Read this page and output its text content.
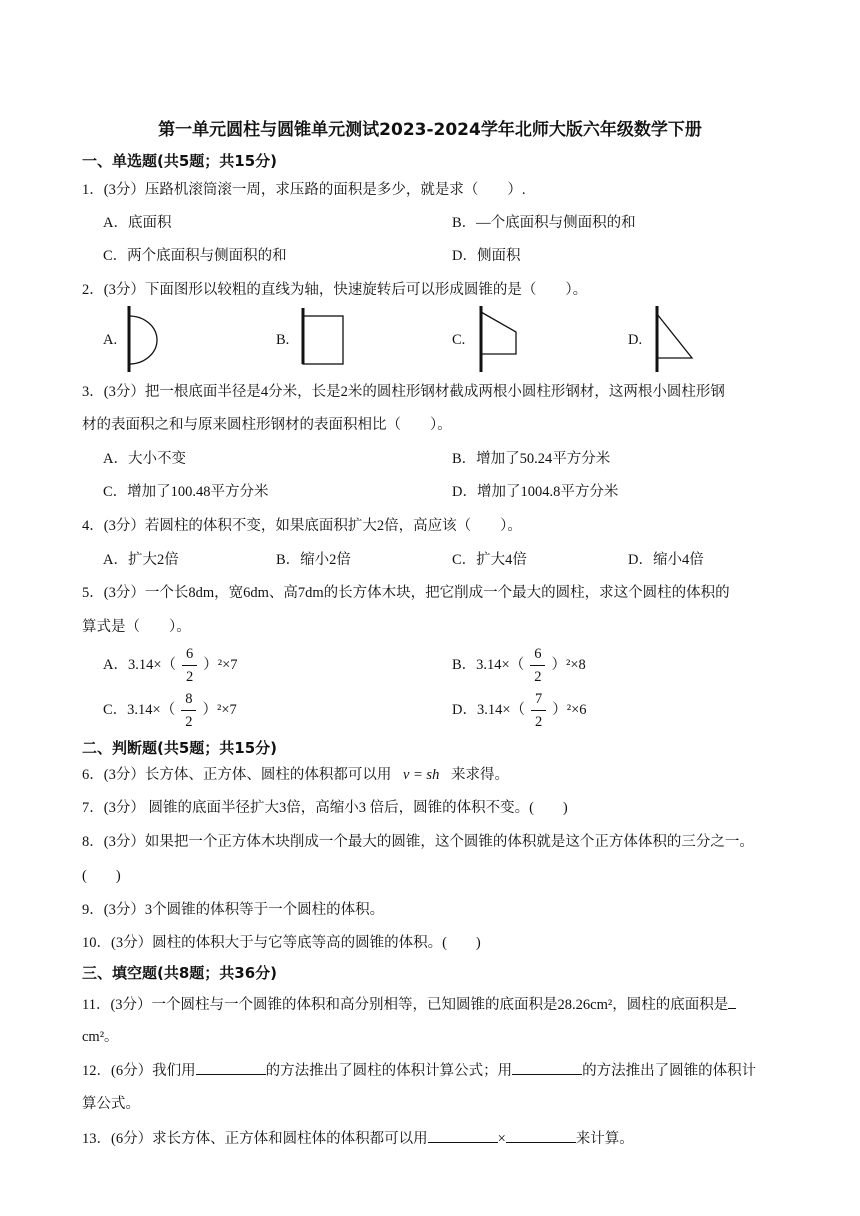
第一单元圆柱与圆锥单元测试2023-2024学年北师大版六年级数学下册
一、单选题(共5题；共15分)
1．(3分）压路机滚筒滚一周，求压路的面积是多少，就是求（　　）.
A．底面积	B．—个底面积与侧面积的和
C．两个底面积与侧面积的和	D．侧面积
2．(3分）下面图形以较粗的直线为轴，快速旋转后可以形成圆锥的是（　　）。
A.	B.	C.	D.
3．(3分）把一根底面半径是4分米，长是2米的圆柱形钢材截成两根小圆柱形钢材，这两根小圆柱形钢
材的表面积之和与原来圆柱形钢材的表面积相比（　　）。
A．大小不变	B．增加了50.24平方分米
C．增加了100.48平方分米	D．增加了1004.8平方分米
4．(3分）若圆柱的体积不变，如果底面积扩大2倍，高应该（　　）。
A．扩大2倍	B．缩小2倍	C．扩大4倍	D．缩小4倍
5．(3分）一个长8dm，宽6dm、高7dm的长方体木块，把它削成一个最大的圆柱，求这个圆柱的体积的
算式是（　　）。
A．$3.14\times( \frac{6}{2} )^2\times 7$	B．$3.14\times( \frac{6}{2} )^2\times 8$
C．$3.14\times( \frac{8}{2} )^2\times 7$	D．$3.14\times( \frac{7}{2} )^2\times 6$
二、判断题(共5题；共15分)
6．(3分）长方体、正方体、圆柱的体积都可以用 v = sh 来求得。
7．(3分） 圆锥的底面半径扩大3倍，高缩小3 倍后，圆锥的体积不变。(　　)
8．(3分）如果把一个正方体木块削成一个最大的圆锥，这个圆锥的体积就是这个正方体体积的三分之一。
(　　)
9．(3分）3个圆锥的体积等于一个圆柱的体积。
10．(3分）圆柱的体积大于与它等底等高的圆锥的体积。(　　)
三、填空题(共8题；共36分)
11．(3分）一个圆柱与一个圆锥的体积和高分别相等，已知圆锥的底面积是28.26cm²，圆柱的底面积是
cm²。
12．(6分）我们用	的方法推出了圆柱的体积计算公式；用	的方法推出了圆锥的体积计
算公式。
13．(6分）求长方体、正方体和圆柱体的体积都可以用	×	来计算。
